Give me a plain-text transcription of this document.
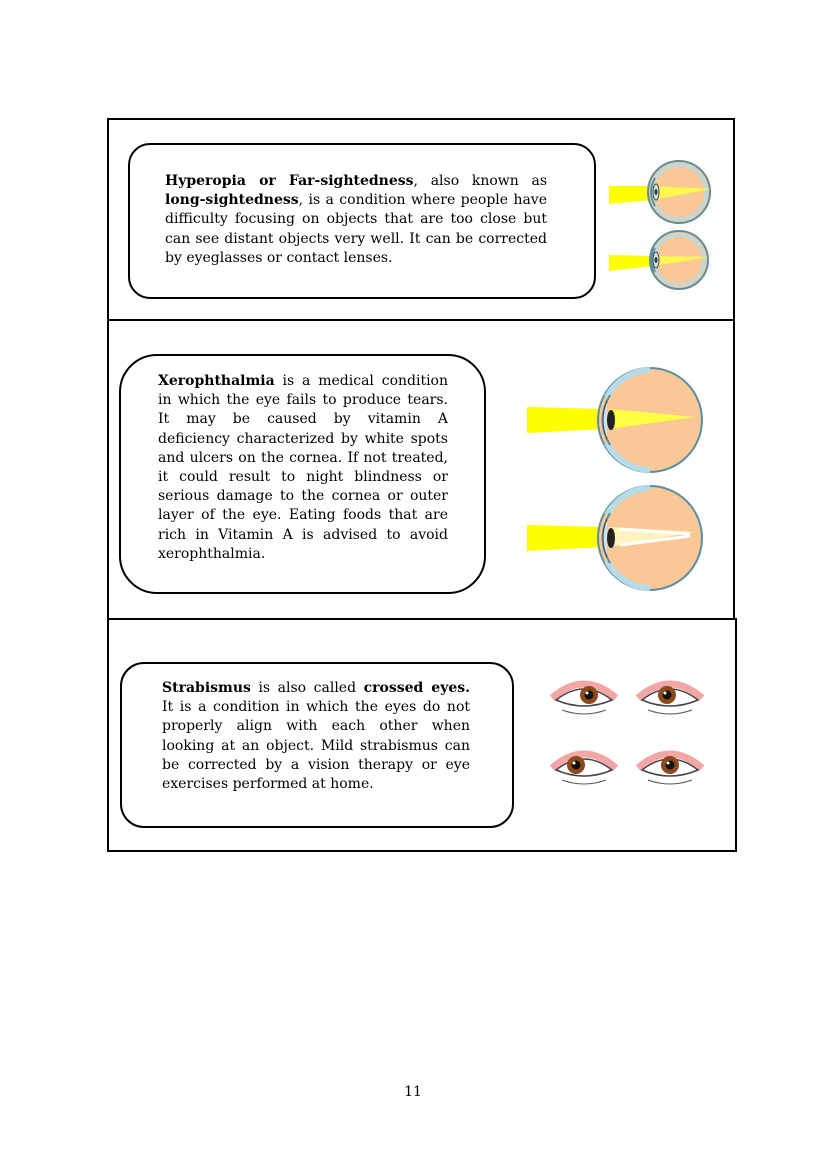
Hyperopia or Far-sightedness, also known as long-sightedness, is a condition where people have difficulty focusing on objects that are too close but can see distant objects very well. It can be corrected by eyeglasses or contact lenses.
Xerophthalmia is a medical condition in which the eye fails to produce tears. It may be caused by vitamin A deficiency characterized by white spots and ulcers on the cornea. If not treated, it could result to night blindness or serious damage to the cornea or outer layer of the eye. Eating foods that are rich in Vitamin A is advised to avoid xerophthalmia.
Strabismus is also called crossed eyes. It is a condition in which the eyes do not properly align with each other when looking at an object. Mild strabismus can be corrected by a vision therapy or eye exercises performed at home.
11
